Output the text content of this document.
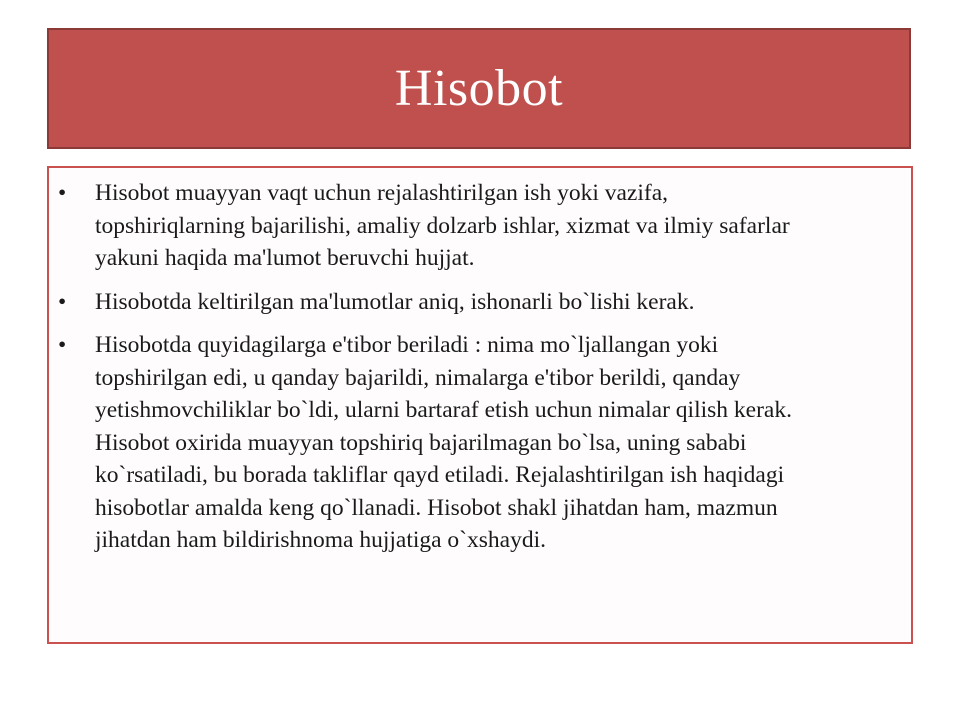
Hisobot
• Hisobot muayyan vaqt uchun rejalashtirilgan ish yoki vazifa,
topshiriqlarning bajarilishi, amaliy dolzarb ishlar, xizmat va ilmiy safarlar
yakuni haqida ma'lumot beruvchi hujjat.
• Hisobotda keltirilgan ma'lumotlar aniq, ishonarli bo`lishi kerak.
• Hisobotda quyidagilarga e'tibor beriladi : nima mo`ljallangan yoki
topshirilgan edi, u qanday bajarildi, nimalarga e'tibor berildi, qanday
yetishmovchiliklar bo`ldi, ularni bartaraf etish uchun nimalar qilish kerak.
Hisobot oxirida muayyan topshiriq bajarilmagan bo`lsa, uning sababi
ko`rsatiladi, bu borada takliflar qayd etiladi. Rejalashtirilgan ish haqidagi
hisobotlar amalda keng qo`llanadi. Hisobot shakl jihatdan ham, mazmun
jihatdan ham bildirishnoma hujjatiga o`xshaydi.
